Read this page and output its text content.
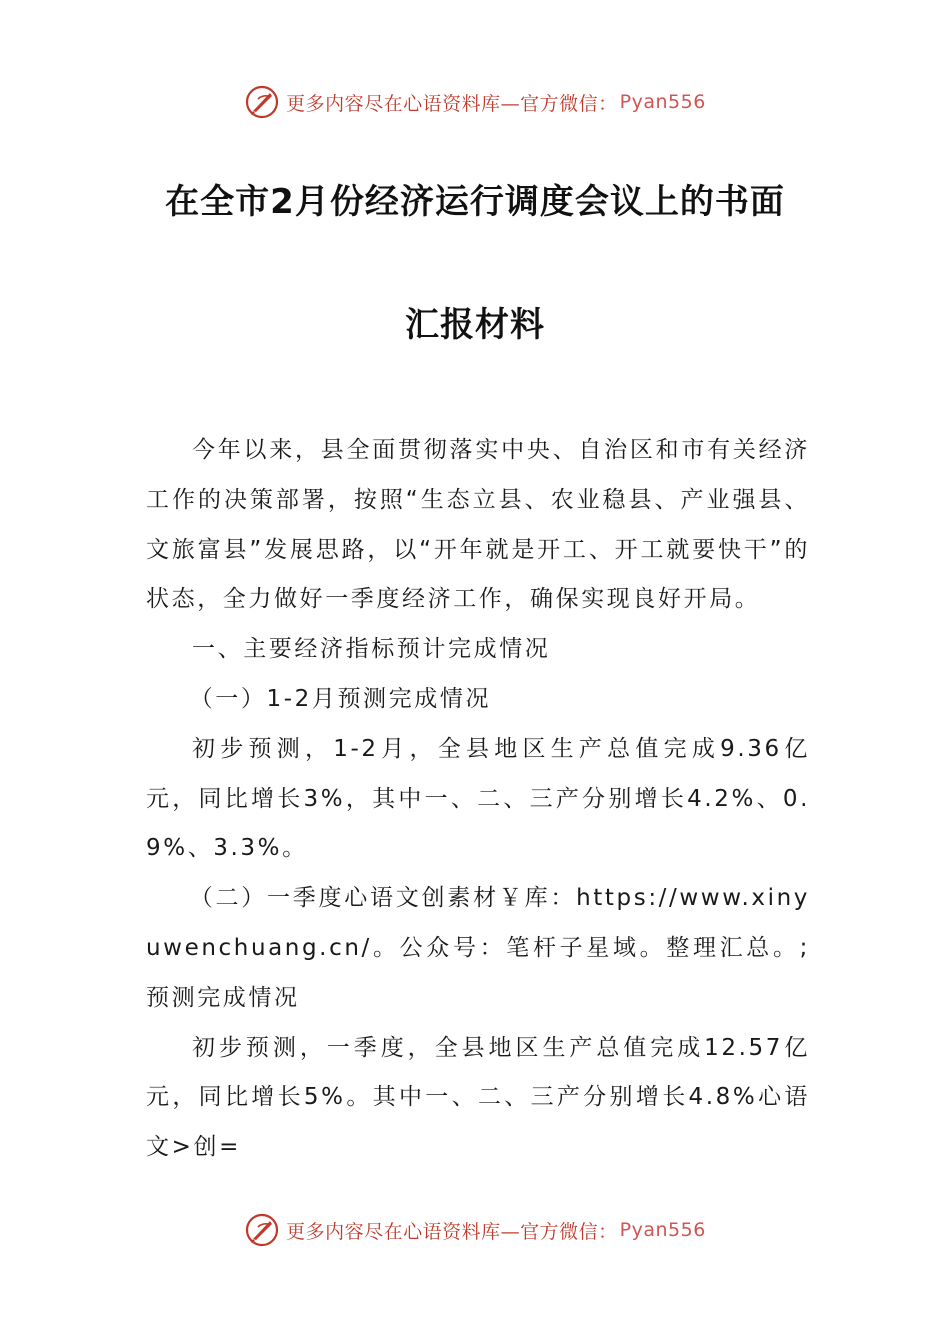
更多内容尽在心语资料库—官方微信： Pyan556
在全市2月份经济运行调度会议上的书面
汇报材料

今年以来，县全面贯彻落实中央、自治区和市有关经济工作的决策部署，按照“生态立县、农业稳县、产业强县、文旅富县”发展思路，以“开年就是开工、开工就要快干”的状态，全力做好一季度经济工作，确保实现良好开局。

一、主要经济指标预计完成情况

（一）1-2月预测完成情况

初步预测，1-2月，全县地区生产总值完成9.36亿元，同比增长3%，其中一、二、三产分别增长4.2%、0.9%、3.3%。

（二）一季度心语文创素材￥库：https://www.xinyuwenchuang.cn/。公众号：笔杆子星域。整理汇总。;预测完成情况

初步预测，一季度，全县地区生产总值完成12.57亿元，同比增长5%。其中一、二、三产分别增长4.8%心语文>创=

更多内容尽在心语资料库—官方微信： Pyan556
